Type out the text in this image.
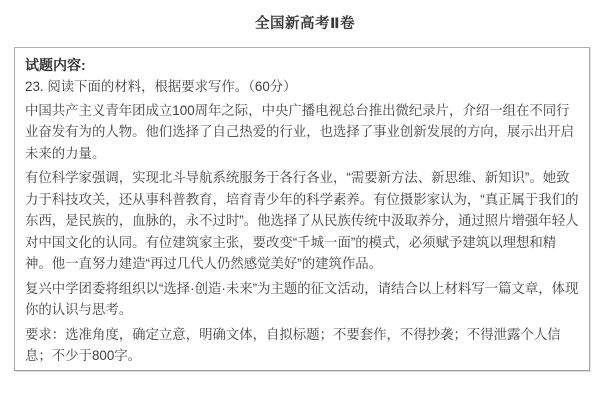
全国新高考Ⅱ卷
试题内容:

23. 阅读下面的材料，根据要求写作。（60分）

中国共产主义青年团成立100周年之际，中央广播电视总台推出微纪录片，介绍一组在不同行业奋发有为的人物。他们选择了自己热爱的行业，也选择了事业创新发展的方向，展示出开启未来的力量。

有位科学家强调，实现北斗导航系统服务于各行各业，“需要新方法、新思维、新知识”。她致力于科技攻关，还从事科普教育，培育青少年的科学素养。有位摄影家认为，“真正属于我们的东西，是民族的，血脉的，永不过时”。他选择了从民族传统中汲取养分，通过照片增强年轻人对中国文化的认同。有位建筑家主张，要改变“千城一面”的模式，必须赋予建筑以理想和精神。他一直努力建造“再过几代人仍然感觉美好”的建筑作品。

复兴中学团委将组织以“选择·创造·未来”为主题的征文活动，请结合以上材料写一篇文章，体现你的认识与思考。

要求：选准角度，确定立意，明确文体，自拟标题；不要套作，不得抄袭；不得泄露个人信息；不少于800字。
